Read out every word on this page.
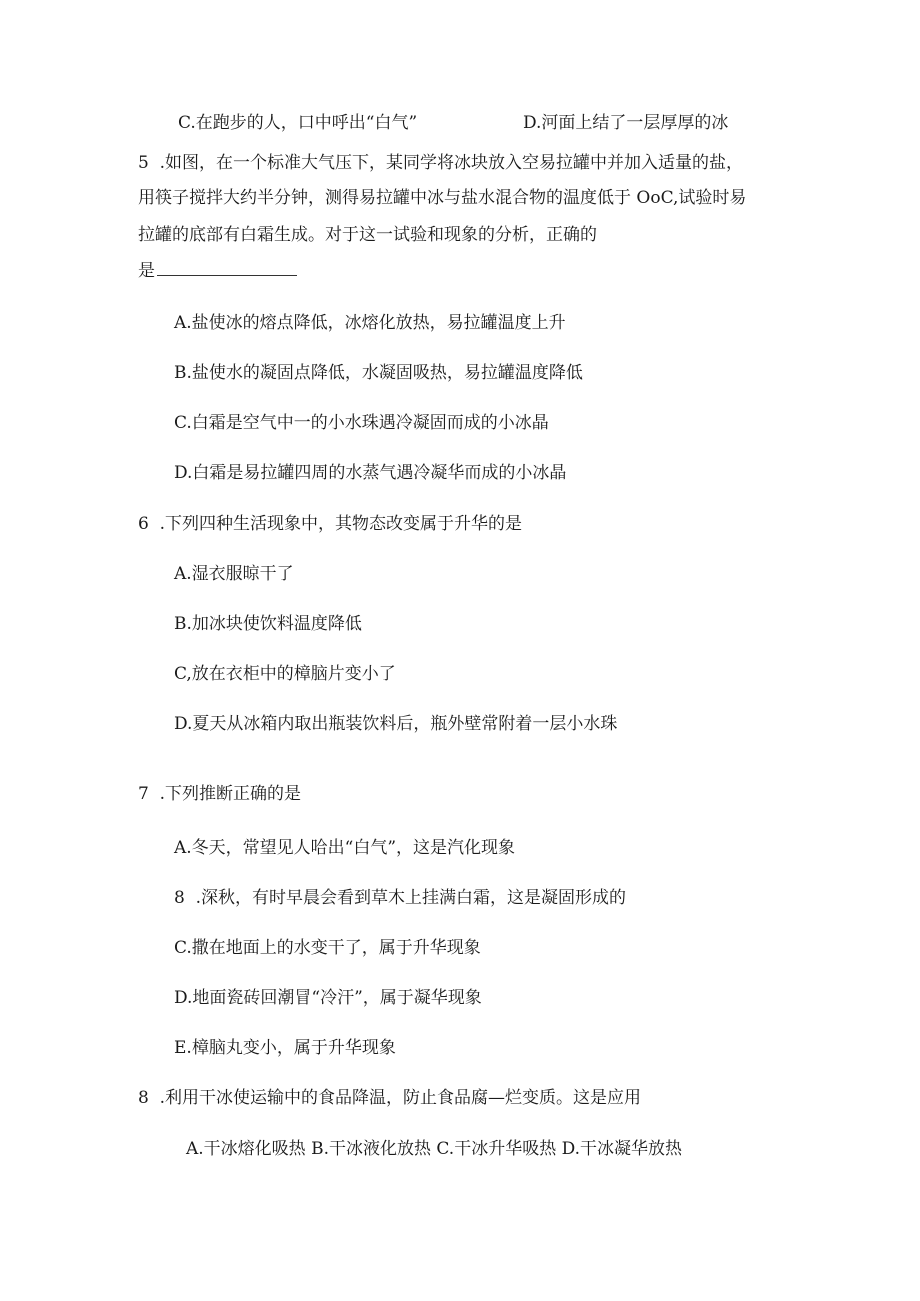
C.在跑步的人，口中呼出“白气”	D.河面上结了一层厚厚的冰
5  .如图，在一个标准大气压下，某同学将冰块放入空易拉罐中并加入适量的盐，
用筷子搅拌大约半分钟，测得易拉罐中冰与盐水混合物的温度低于 OoC,试验时易
拉罐的底部有白霜生成。对于这一试验和现象的分析，正确的
是
A.盐使冰的熔点降低，冰熔化放热，易拉罐温度上升
B.盐使水的凝固点降低，水凝固吸热，易拉罐温度降低
C.白霜是空气中一的小水珠遇冷凝固而成的小冰晶
D.白霜是易拉罐四周的水蒸气遇冷凝华而成的小冰晶
6  .下列四种生活现象中，其物态改变属于升华的是
A.湿衣服晾干了
B.加冰块使饮料温度降低
C,放在衣柜中的樟脑片变小了
D.夏天从冰箱内取出瓶装饮料后，瓶外壁常附着一层小水珠
7  .下列推断正确的是
A.冬天，常望见人哈出“白气”，这是汽化现象
8  .深秋，有时早晨会看到草木上挂满白霜，这是凝固形成的
C.撒在地面上的水变干了，属于升华现象
D.地面瓷砖回潮冒“冷汗”，属于凝华现象
E.樟脑丸变小，属于升华现象
8  .利用干冰使运输中的食品降温，防止食品腐—烂变质。这是应用
A.干冰熔化吸热 B.干冰液化放热 C.干冰升华吸热 D.干冰凝华放热
